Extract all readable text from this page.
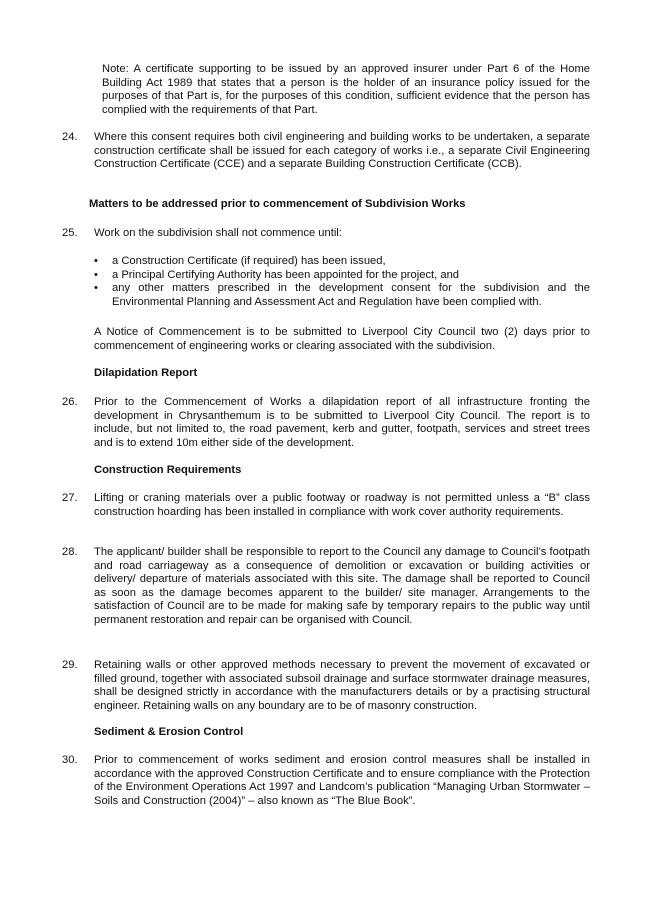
Note: A certificate supporting to be issued by an approved insurer under Part 6 of the Home Building Act 1989 that states that a person is the holder of an insurance policy issued for the purposes of that Part is, for the purposes of this condition, sufficient evidence that the person has complied with the requirements of that Part.
24. Where this consent requires both civil engineering and building works to be undertaken, a separate construction certificate shall be issued for each category of works i.e., a separate Civil Engineering Construction Certificate (CCE) and a separate Building Construction Certificate (CCB).
Matters to be addressed prior to commencement of Subdivision Works
25. Work on the subdivision shall not commence until:
• a Construction Certificate (if required) has been issued,
• a Principal Certifying Authority has been appointed for the project, and
• any other matters prescribed in the development consent for the subdivision and the Environmental Planning and Assessment Act and Regulation have been complied with.
A Notice of Commencement is to be submitted to Liverpool City Council two (2) days prior to commencement of engineering works or clearing associated with the subdivision.
Dilapidation Report
26. Prior to the Commencement of Works a dilapidation report of all infrastructure fronting the development in Chrysanthemum is to be submitted to Liverpool City Council. The report is to include, but not limited to, the road pavement, kerb and gutter, footpath, services and street trees and is to extend 10m either side of the development.
Construction Requirements
27. Lifting or craning materials over a public footway or roadway is not permitted unless a “B” class construction hoarding has been installed in compliance with work cover authority requirements.
28. The applicant/ builder shall be responsible to report to the Council any damage to Council’s footpath and road carriageway as a consequence of demolition or excavation or building activities or delivery/ departure of materials associated with this site. The damage shall be reported to Council as soon as the damage becomes apparent to the builder/ site manager. Arrangements to the satisfaction of Council are to be made for making safe by temporary repairs to the public way until permanent restoration and repair can be organised with Council.
29. Retaining walls or other approved methods necessary to prevent the movement of excavated or filled ground, together with associated subsoil drainage and surface stormwater drainage measures, shall be designed strictly in accordance with the manufacturers details or by a practising structural engineer. Retaining walls on any boundary are to be of masonry construction.
Sediment & Erosion Control
30. Prior to commencement of works sediment and erosion control measures shall be installed in accordance with the approved Construction Certificate and to ensure compliance with the Protection of the Environment Operations Act 1997 and Landcom’s publication “Managing Urban Stormwater – Soils and Construction (2004)” – also known as “The Blue Book”.
